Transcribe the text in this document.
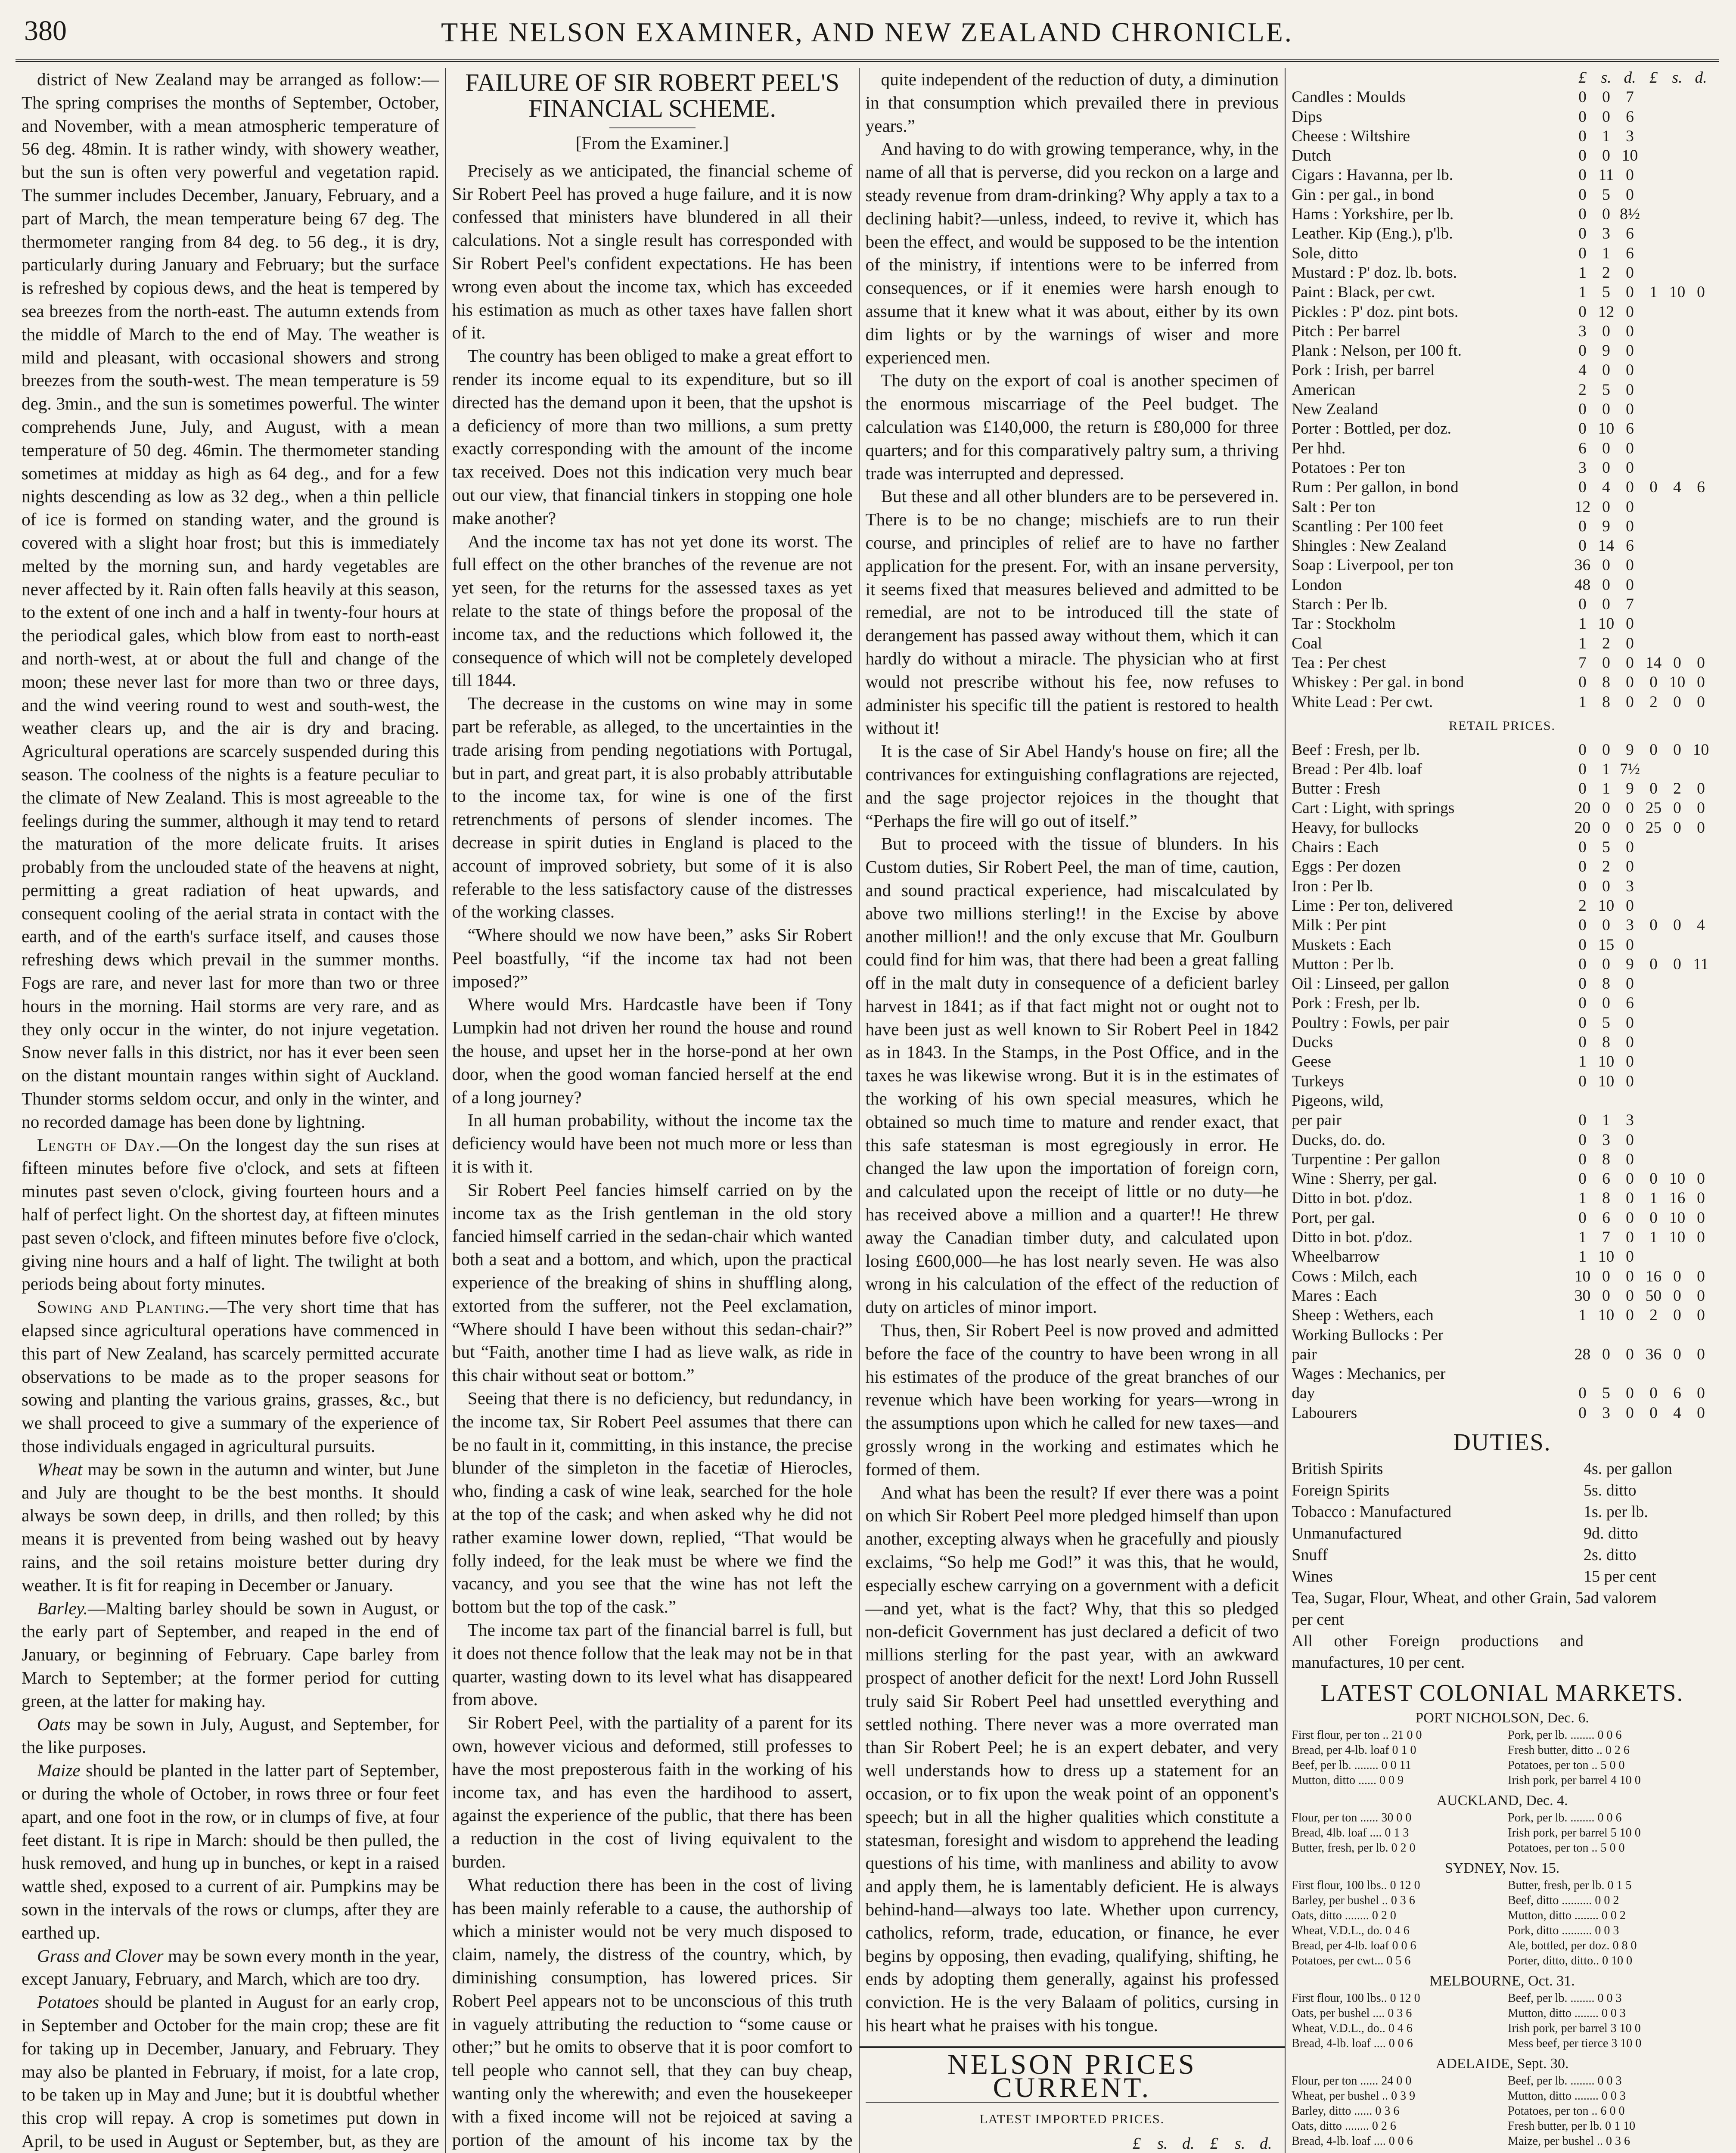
380	THE NELSON EXAMINER, AND NEW ZEALAND CHRONICLE.

district of New Zealand may be arranged as follow:—The spring comprises the months of September, October, and November, with a mean atmospheric temperature of 56 deg. 48min. It is rather windy, with showery weather, but the sun is often very powerful and vegetation rapid. The summer includes December, January, February, and a part of March, the mean temperature being 67 deg. The thermometer ranging from 84 deg. to 56 deg., it is dry, particularly during January and February; but the surface is refreshed by copious dews, and the heat is tempered by sea breezes from the north-east. The autumn extends from the middle of March to the end of May. The weather is mild and pleasant, with occasional showers and strong breezes from the south-west. The mean temperature is 59 deg. 3min., and the sun is sometimes powerful. The winter comprehends June, July, and August, with a mean temperature of 50 deg. 46min. The thermometer standing sometimes at midday as high as 64 deg., and for a few nights descending as low as 32 deg., when a thin pellicle of ice is formed on standing water, and the ground is covered with a slight hoar frost; but this is immediately melted by the morning sun, and hardy vegetables are never affected by it. Rain often falls heavily at this season, to the extent of one inch and a half in twenty-four hours at the periodical gales, which blow from east to north-east and north-west, at or about the full and change of the moon; these never last for more than two or three days, and the wind veering round to west and south-west, the weather clears up, and the air is dry and bracing. Agricultural operations are scarcely suspended during this season. The coolness of the nights is a feature peculiar to the climate of New Zealand. This is most agreeable to the feelings during the summer, although it may tend to retard the maturation of the more delicate fruits. It arises probably from the unclouded state of the heavens at night, permitting a great radiation of heat upwards, and consequent cooling of the aerial strata in contact with the earth, and of the earth's surface itself, and causes those refreshing dews which prevail in the summer months. Fogs are rare, and never last for more than two or three hours in the morning. Hail storms are very rare, and as they only occur in the winter, do not injure vegetation. Snow never falls in this district, nor has it ever been seen on the distant mountain ranges within sight of Auckland. Thunder storms seldom occur, and only in the winter, and no recorded damage has been done by lightning.

Length of Day.—On the longest day the sun rises at fifteen minutes before five o'clock, and sets at fifteen minutes past seven o'clock, giving fourteen hours and a half of perfect light. On the shortest day, at fifteen minutes past seven o'clock, and fifteen minutes before five o'clock, giving nine hours and a half of light. The twilight at both periods being about forty minutes.

Sowing and Planting.—The very short time that has elapsed since agricultural operations have commenced in this part of New Zealand, has scarcely permitted accurate observations to be made as to the proper seasons for sowing and planting the various grains, grasses, &c., but we shall proceed to give a summary of the experience of those individuals engaged in agricultural pursuits.

Wheat may be sown in the autumn and winter, but June and July are thought to be the best months. It should always be sown deep, in drills, and then rolled; by this means it is prevented from being washed out by heavy rains, and the soil retains moisture better during dry weather. It is fit for reaping in December or January.

Barley.—Malting barley should be sown in August, or the early part of September, and reaped in the end of January, or beginning of February. Cape barley from March to September; at the former period for cutting green, at the latter for making hay.

Oats may be sown in July, August, and September, for the like purposes.

Maize should be planted in the latter part of September, or during the whole of October, in rows three or four feet apart, and one foot in the row, or in clumps of five, at four feet distant. It is ripe in March: should be then pulled, the husk removed, and hung up in bunches, or kept in a raised wattle shed, exposed to a current of air. Pumpkins may be sown in the intervals of the rows or clumps, after they are earthed up.

Grass and Clover may be sown every month in the year, except January, February, and March, which are too dry.

Potatoes should be planted in August for an early crop, in September and October for the main crop; these are fit for taking up in December, January, and February. They may also be planted in February, if moist, for a late crop, to be taken up in May and June; but it is doubtful whether this crop will repay. A crop is sometimes put down in April, to be used in August or September, but, as they are

FAILURE OF SIR ROBERT PEEL'S FINANCIAL SCHEME.
[From the Examiner.]

Precisely as we anticipated, the financial scheme of Sir Robert Peel has proved a huge failure, and it is now confessed that ministers have blundered in all their calculations. Not a single result has corresponded with Sir Robert Peel's confident expectations. He has been wrong even about the income tax, which has exceeded his estimation as much as other taxes have fallen short of it.

The country has been obliged to make a great effort to render its income equal to its expenditure, but so ill directed has the demand upon it been, that the upshot is a deficiency of more than two millions, a sum pretty exactly corresponding with the amount of the income tax received. Does not this indication very much bear out our view, that financial tinkers in stopping one hole make another?

And the income tax has not yet done its worst. The full effect on the other branches of the revenue are not yet seen, for the returns for the assessed taxes as yet relate to the state of things before the proposal of the income tax, and the reductions which followed it, the consequence of which will not be completely developed till 1844.

The decrease in the customs on wine may in some part be referable, as alleged, to the uncertainties in the trade arising from pending negotiations with Portugal, but in part, and great part, it is also probably attributable to the income tax, for wine is one of the first retrenchments of persons of slender incomes. The decrease in spirit duties in England is placed to the account of improved sobriety, but some of it is also referable to the less satisfactory cause of the distresses of the working classes.

“Where should we now have been,” asks Sir Robert Peel boastfully, “if the income tax had not been imposed?”

Where would Mrs. Hardcastle have been if Tony Lumpkin had not driven her round the house and round the house, and upset her in the horse-pond at her own door, when the good woman fancied herself at the end of a long journey?

In all human probability, without the income tax the deficiency would have been not much more or less than it is with it.

Sir Robert Peel fancies himself carried on by the income tax as the Irish gentleman in the old story fancied himself carried in the sedan-chair which wanted both a seat and a bottom, and which, upon the practical experience of the breaking of shins in shuffling along, extorted from the sufferer, not the Peel exclamation, “Where should I have been without this sedan-chair?” but “Faith, another time I had as lieve walk, as ride in this chair without seat or bottom.”

Seeing that there is no deficiency, but redundancy, in the income tax, Sir Robert Peel assumes that there can be no fault in it, committing, in this instance, the precise blunder of the simpleton in the facetiæ of Hierocles, who, finding a cask of wine leak, searched for the hole at the top of the cask; and when asked why he did not rather examine lower down, replied, “That would be folly indeed, for the leak must be where we find the vacancy, and you see that the wine has not left the bottom but the top of the cask.”

The income tax part of the financial barrel is full, but it does not thence follow that the leak may not be in that quarter, wasting down to its level what has disappeared from above.

Sir Robert Peel, with the partiality of a parent for its own, however vicious and deformed, still professes to have the most preposterous faith in the working of his income tax, and has even the hardihood to assert, against the experience of the public, that there has been a reduction in the cost of living equivalent to the burden.

What reduction there has been in the cost of living has been mainly referable to a cause, the authorship of which a minister would not be very much disposed to claim, namely, the distress of the country, which, by diminishing consumption, has lowered prices. Sir Robert Peel appears not to be unconscious of this truth in vaguely attributing the reduction to “some cause or other;” but he omits to observe that it is poor comfort to tell people who cannot sell, that they can buy cheap, wanting only the wherewith; and even the housekeeper with a fixed income will not be rejoiced at saving a portion of the amount of his income tax by the

quite independent of the reduction of duty, a diminution in that consumption which prevailed there in previous years.”

And having to do with growing temperance, why, in the name of all that is perverse, did you reckon on a large and steady revenue from dram-drinking? Why apply a tax to a declining habit?—unless, indeed, to revive it, which has been the effect, and would be supposed to be the intention of the ministry, if intentions were to be inferred from consequences, or if it enemies were harsh enough to assume that it knew what it was about, either by its own dim lights or by the warnings of wiser and more experienced men.

The duty on the export of coal is another specimen of the enormous miscarriage of the Peel budget. The calculation was £140,000, the return is £80,000 for three quarters; and for this comparatively paltry sum, a thriving trade was interrupted and depressed.

But these and all other blunders are to be persevered in. There is to be no change; mischiefs are to run their course, and principles of relief are to have no farther application for the present. For, with an insane perversity, it seems fixed that measures believed and admitted to be remedial, are not to be introduced till the state of derangement has passed away without them, which it can hardly do without a miracle. The physician who at first would not prescribe without his fee, now refuses to administer his specific till the patient is restored to health without it!

It is the case of Sir Abel Handy's house on fire; all the contrivances for extinguishing conflagrations are rejected, and the sage projector rejoices in the thought that “Perhaps the fire will go out of itself.”

But to proceed with the tissue of blunders. In his Custom duties, Sir Robert Peel, the man of time, caution, and sound practical experience, had miscalculated by above two millions sterling!! in the Excise by above another million!! and the only excuse that Mr. Goulburn could find for him was, that there had been a great falling off in the malt duty in consequence of a deficient barley harvest in 1841; as if that fact might not or ought not to have been just as well known to Sir Robert Peel in 1842 as in 1843. In the Stamps, in the Post Office, and in the taxes he was likewise wrong. But it is in the estimates of the working of his own special measures, which he obtained so much time to mature and render exact, that this safe statesman is most egregiously in error. He changed the law upon the importation of foreign corn, and calculated upon the receipt of little or no duty—he has received above a million and a quarter!! He threw away the Canadian timber duty, and calculated upon losing £600,000—he has lost nearly seven. He was also wrong in his calculation of the effect of the reduction of duty on articles of minor import.

Thus, then, Sir Robert Peel is now proved and admitted before the face of the country to have been wrong in all his estimates of the produce of the great branches of our revenue which have been working for years—wrong in the assumptions upon which he called for new taxes—and grossly wrong in the working and estimates which he formed of them.

And what has been the result? If ever there was a point on which Sir Robert Peel more pledged himself than upon another, excepting always when he gracefully and piously exclaims, “So help me God!” it was this, that he would, especially eschew carrying on a government with a deficit—and yet, what is the fact? Why, that this so pledged non-deficit Government has just declared a deficit of two millions sterling for the past year, with an awkward prospect of another deficit for the next! Lord John Russell truly said Sir Robert Peel had unsettled everything and settled nothing. There never was a more overrated man than Sir Robert Peel; he is an expert debater, and very well understands how to dress up a statement for an occasion, or to fix upon the weak point of an opponent's speech; but in all the higher qualities which constitute a statesman, foresight and wisdom to apprehend the leading questions of his time, with manliness and ability to avow and apply them, he is lamentably deficient. He is always behind-hand—always too late. Whether upon currency, catholics, reform, trade, education, or finance, he ever begins by opposing, then evading, qualifying, shifting, he ends by adopting them generally, against his professed conviction. He is the very Balaam of politics, cursing in his heart what he praises with his tongue.

NELSON PRICES CURRENT.
LATEST IMPORTED PRICES.
£	s. d. £	s. d.
£ s. d. £ s. d.
Candles : Moulds	0 0 7
Dips	0 0 6
Cheese : Wiltshire	0 1 3
Dutch	0 0 10
Cigars : Havanna, per lb.	0 11 0
Gin : per gal., in bond	0 5 0
Hams : Yorkshire, per lb.	0 0 8½
Leather. Kip (Eng.), p'lb.	0 3 6
Sole, ditto	0 1 6
Mustard : P' doz. lb. bots.	1 2 0
Paint : Black, per cwt.	1 5 0 1 10 0
Pickles : P' doz. pint bots.	0 12 0
Pitch : Per barrel	3 0 0
Plank : Nelson, per 100 ft.	0 9 0
Pork : Irish, per barrel	4 0 0
American	2 5 0
New Zealand	0 0 0
Porter : Bottled, per doz.	0 10 6
Per hhd.	6 0 0
Potatoes : Per ton	3 0 0
Rum : Per gallon, in bond	0 4 0 0 4 6
Salt : Per ton	12 0 0
Scantling : Per 100 feet	0 9 0
Shingles : New Zealand	0 14 6
Soap : Liverpool, per ton	36 0 0
London	48 0 0
Starch : Per lb.	0 0 7
Tar : Stockholm	1 10 0
Coal	1 2 0
Tea : Per chest	7 0 0 14 0 0
Whiskey : Per gal. in bond	0 8 0 0 10 0
White Lead : Per cwt.	1 8 0 2 0 0
RETAIL PRICES.
Beef : Fresh, per lb.	0 0 9 0 0 10
Bread : Per 4lb. loaf	0 1 7½
Butter : Fresh	0 1 9 0 2 0
Cart : Light, with springs	20 0 0 25 0 0
Heavy, for bullocks	20 0 0 25 0 0
Chairs : Each	0 5 0
Eggs : Per dozen	0 2 0
Iron : Per lb.	0 0 3
Lime : Per ton, delivered	2 10 0
Milk : Per pint	0 0 3 0 0 4
Muskets : Each	0 15 0
Mutton : Per lb.	0 0 9 0 0 11
Oil : Linseed, per gallon	0 8 0
Pork : Fresh, per lb.	0 0 6
Poultry : Fowls, per pair	0 5 0
Ducks	0 8 0
Geese	1 10 0
Turkeys	0 10 0
Pigeons, wild,
per pair	0 1 3
Ducks, do. do.	0 3 0
Turpentine : Per gallon	0 8 0
Wine : Sherry, per gal.	0 6 0 0 10 0
Ditto in bot. p'doz.	1 8 0 1 16 0
Port, per gal.	0 6 0 0 10 0
Ditto in bot. p'doz.	1 7 0 1 10 0
Wheelbarrow	1 10 0
Cows : Milch, each	10 0 0 16 0 0
Mares : Each	30 0 0 50 0 0
Sheep : Wethers, each	1 10 0 2 0 0
Working Bullocks : Per
pair	28 0 0 36 0 0
Wages : Mechanics, per
day	0 5 0 0 6 0
Labourers	0 3 0 0 4 0
DUTIES.
British Spirits	4s. per gallon
Foreign Spirits	5s. ditto
Tobacco : Manufactured	1s. per lb.
Unmanufactured	9d. ditto
Snuff	2s. ditto
Wines	15 per cent
Tea, Sugar, Flour, Wheat, and other Grain, 5 per cent
ad valorem
All other Foreign productions and manufactures, 10 per cent.
LATEST COLONIAL MARKETS.
PORT NICHOLSON, Dec. 6.
First flour, per ton .. 21 0 0	Pork, per lb. ........ 0 0 6
Bread, per 4-lb. loaf 0 1 0	Fresh butter, ditto .. 0 2 6
Beef, per lb. ........ 0 0 11	Potatoes, per ton .. 5 0 0
Mutton, ditto ...... 0 0 9	Irish pork, per barrel 4 10 0
AUCKLAND, Dec. 4.
Flour, per ton ...... 30 0 0	Pork, per lb. ........ 0 0 6
Bread, 4lb. loaf .... 0 1 3	Irish pork, per barrel 5 10 0
Butter, fresh, per lb. 0 2 0	Potatoes, per ton .. 5 0 0
SYDNEY, Nov. 15.
First flour, 100 lbs.. 0 12 0	Butter, fresh, per lb. 0 1 5
Barley, per bushel .. 0 3 6	Beef, ditto .......... 0 0 2
Oats, ditto ........ 0 2 0	Mutton, ditto ........ 0 0 2
Wheat, V.D.L., do. 0 4 6	Pork, ditto .......... 0 0 3
Bread, per 4-lb. loaf 0 0 6	Ale, bottled, per doz. 0 8 0
Potatoes, per cwt... 0 5 6	Porter, ditto, ditto.. 0 10 0
MELBOURNE, Oct. 31.
First flour, 100 lbs.. 0 12 0	Beef, per lb. ........ 0 0 3
Oats, per bushel .... 0 3 6	Mutton, ditto ........ 0 0 3
Wheat, V.D.L., do.. 0 4 6	Irish pork, per barrel 3 10 0
Bread, 4-lb. loaf .... 0 0 6	Mess beef, per tierce 3 10 0
ADELAIDE, Sept. 30.
Flour, per ton ...... 24 0 0	Beef, per lb. ........ 0 0 3
Wheat, per bushel .. 0 3 9	Mutton, ditto ........ 0 0 3
Barley, ditto ...... 0 3 6	Potatoes, per ton .. 6 0 0
Oats, ditto ........ 0 2 6	Fresh butter, per lb. 0 1 10
Bread, 4-lb. loaf .... 0 0 6	Maize, per bushel .. 0 3 6
